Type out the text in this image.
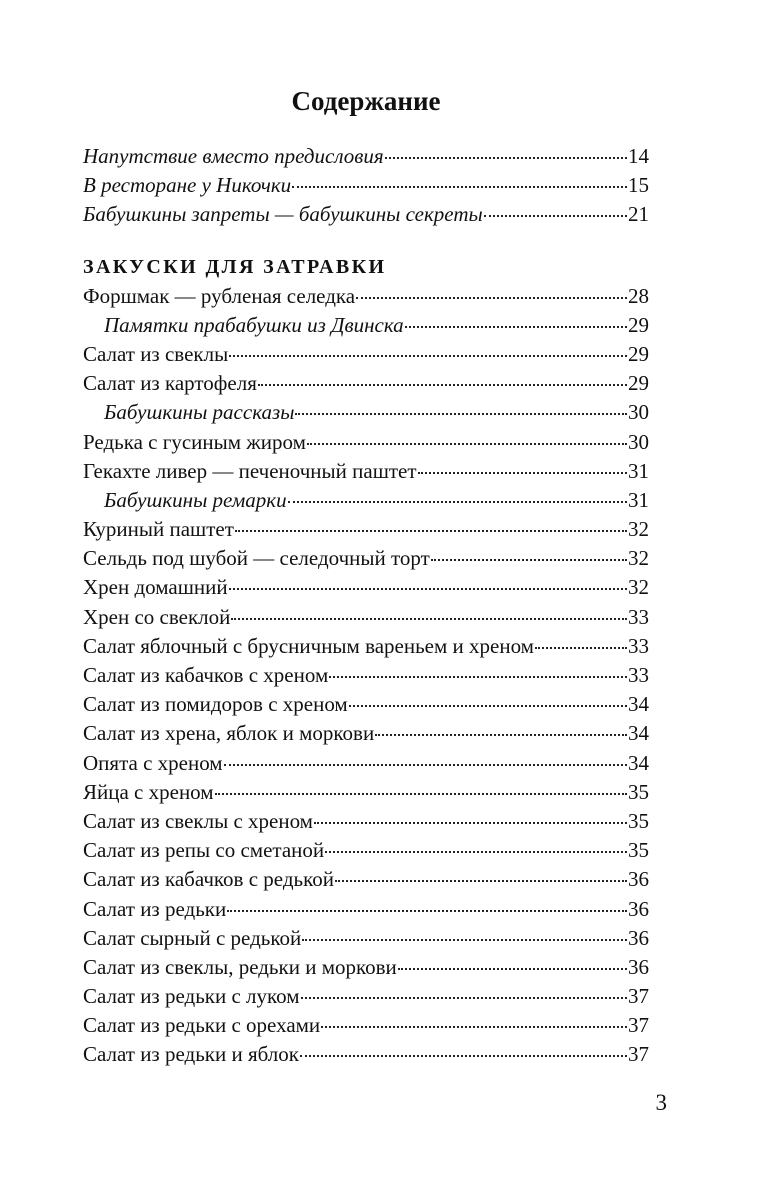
Содержание
Напутствие вместо предисловия	14
В ресторане у Никочки	15
Бабушкины запреты — бабушкины секреты	21
ЗАКУСКИ ДЛЯ ЗАТРАВКИ
Форшмак — рубленая селедка	28
Памятки прабабушки из Двинска	29
Салат из свеклы	29
Салат из картофеля	29
Бабушкины рассказы	30
Редька с гусиным жиром	30
Гекахте ливер — печеночный паштет	31
Бабушкины ремарки	31
Куриный паштет	32
Сельдь под шубой — селедочный торт	32
Хрен домашний	32
Хрен со свеклой	33
Салат яблочный с брусничным вареньем и хреном	33
Салат из кабачков с хреном	33
Салат из помидоров с хреном	34
Салат из хрена, яблок и моркови	34
Опята с хреном	34
Яйца с хреном	35
Салат из свеклы с хреном	35
Салат из репы со сметаной	35
Салат из кабачков с редькой	36
Салат из редьки	36
Салат сырный с редькой	36
Салат из свеклы, редьки и моркови	36
Салат из редьки с луком	37
Салат из редьки с орехами	37
Салат из редьки и яблок	37
3
